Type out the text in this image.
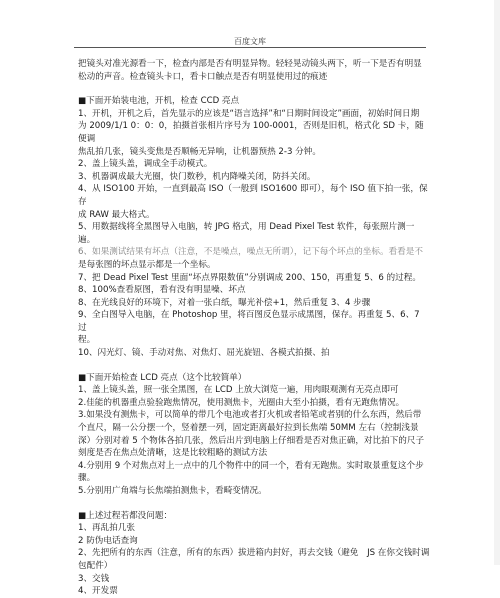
百度文库

把镜头对准光源看一下，检查内部是否有明显异物。轻轻晃动镜头两下，听一下是否有明显

松动的声音。检查镜头卡口，看卡口触点是否有明显使用过的痕迹

■下面开始装电池，开机，检查 CCD 亮点

1、开机，开机之后，首先显示的应该是“语言选择”和“日期时间设定”画面，初始时间日期

为 2009/1/1 0：0：0，拍摄首张相片序号为 100-0001，否则是旧机，格式化 SD 卡，随便调

焦乱拍几张，镜头变焦是否顺畅无异响，让机器预热 2-3 分钟。

2、盖上镜头盖，调成全手动模式。

3、机器调成最大光圈，快门数秒，机内降噪关闭，防抖关闭。

4、从 ISO100 开始，一直到最高 ISO（一般到 ISO1600 即可），每个 ISO 值下拍一张，保存

成 RAW 最大格式。

5、用数据线将全黑图导入电脑，转 JPG 格式，用 Dead Pixel Test 软件，每张照片测一遍。

6、如果测试结果有坏点（注意，不是噪点，噪点无所谓），记下每个坏点的坐标。看看是不

是每张图的坏点显示都是一个坐标。

7、把 Dead Pixel Test 里面“坏点界限数值”分别调成 200、150，再重复 5、6 的过程。

8、100%查看原图，看有没有明显噪、坏点

8、在光线良好的环境下，对着一张白纸，曝光补偿+1，然后重复 3、4 步骤

9、全白图导入电脑，在 Photoshop 里，将百图反色显示成黑图，保存。再重复 5、6、7 过

程。

10、闪光灯、镜、手动对焦、对焦灯、屈光旋钮、各模式拍摄、拍

■下面开始检查 LCD 亮点（这个比较简单）

1、盖上镜头盖，照一张全黑图，在 LCD 上放大浏览一遍，用肉眼观测有无亮点即可

2.佳能的机器重点验验跑焦情况，使用测焦卡，光圈由大至小拍摄，看有无跑焦情况。

3.如果没有测焦卡，可以简单的带几个电池或者打火机或者铅笔或者别的什么东西，然后带

个直尺，隔一公分摆一个，竖着摆一列，固定距离最好拉到长焦端 50MM 左右（控制浅景

深）分别对着 5 个物体各拍几张，然后出片到电脑上仔细看是否对焦正确，对比拍下的尺子

刻度是否在焦点处清晰，这是比较粗略的测试方法

4.分别用 9 个对焦点对上一点中的几个物件中的同一个，看有无跑焦。实时取景重复这个步

骤。

5.分别用广角端与长焦端拍测焦卡，看畸变情况。

■上述过程若都没问题：

1、再乱拍几张

2 防伪电话查询

2、先把所有的东西（注意，所有的东西）拔进箱内封好，再去交钱（避免　JS 在你交钱时调

包配件）

3、交钱

4、开发票
